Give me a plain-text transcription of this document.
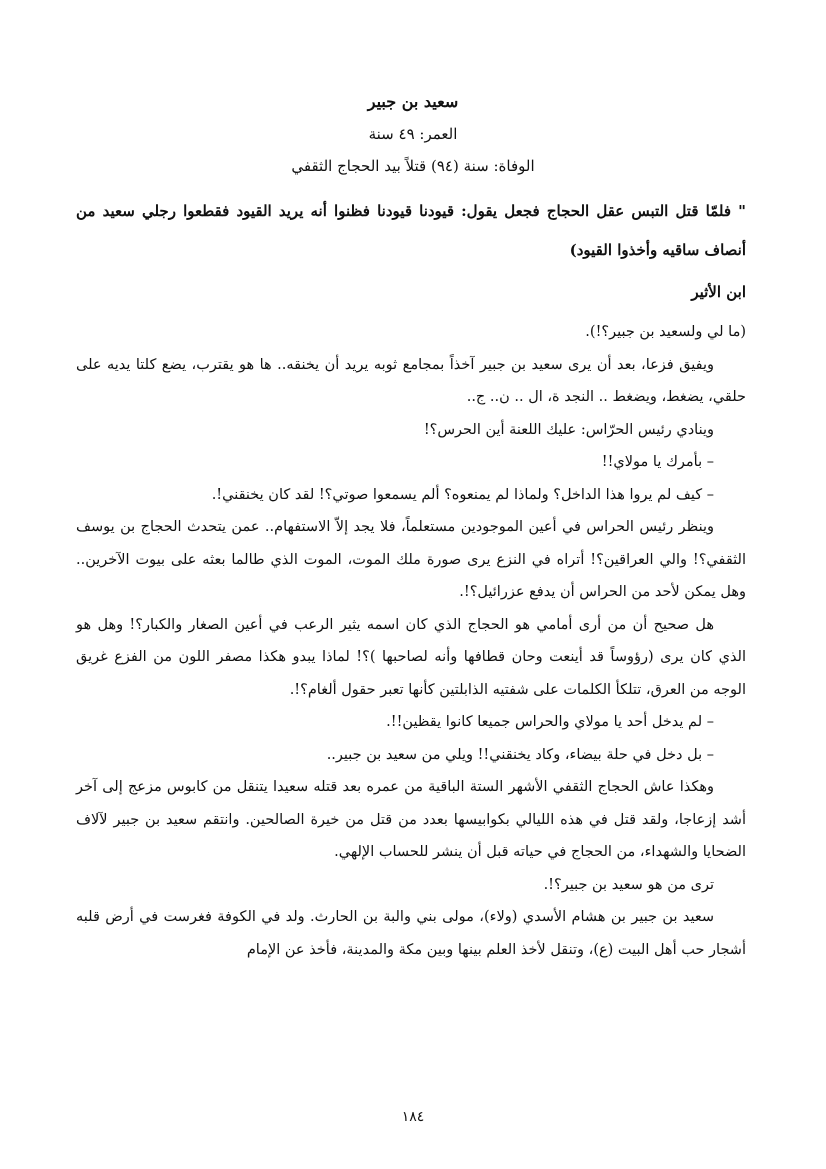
سعيد بن جبير
العمر: ٤٩ سنة
الوفاة: سنة (٩٤) قتلاً بيد الحجاج الثقفي
" فلمّا قتل التبس عقل الحجاج فجعل يقول: قيودنا قيودنا فظنوا أنه يريد القيود فقطعوا رجلي سعيد من أنصاف ساقيه وأخذوا القيود)
ابن الأثير

(ما لي ولسعيد بن جبير؟!).

ويفيق فزعا، بعد أن يرى سعيد بن جبير آخذاً بمجامع ثوبه يريد أن يخنقه.. ها هو يقترب، يضع كلتا يديه على حلقي، يضغط، ويضغط .. النجد ة، ال .. ن.. ج..

وينادي رئيس الحرّاس: عليك اللعنة أين الحرس؟!

– بأمرك يا مولاي!!

– كيف لم يروا هذا الداخل؟ ولماذا لم يمنعوه؟ ألم يسمعوا صوتي؟! لقد كان يخنقني!.

وينظر رئيس الحراس في أعين الموجودين مستعلماً، فلا يجد إلاّ الاستفهام.. عمن يتحدث الحجاج بن يوسف الثقفي؟! والي العراقين؟! أتراه في النزع يرى صورة ملك الموت، الموت الذي طالما بعثه على بيوت الآخرين.. وهل يمكن لأحد من الحراس أن يدفع عزرائيل؟!.

هل صحيح أن من أرى أمامي هو الحجاج الذي كان اسمه يثير الرعب في أعين الصغار والكبار؟! وهل هو الذي كان يرى (رؤوساً قد أينعت وحان قطافها وأنه لصاحبها )؟! لماذا يبدو هكذا مصفر اللون من الفزع غريق الوجه من العرق، تتلكأ الكلمات على شفتيه الذابلتين كأنها تعبر حقول ألغام؟!.

– لم يدخل أحد يا مولاي والحراس جميعا كانوا يقظين!!.

– بل دخل في حلة بيضاء، وكاد يخنقني!! ويلي من سعيد بن جبير..

وهكذا عاش الحجاج الثقفي الأشهر الستة الباقية من عمره بعد قتله سعيدا يتنقل من كابوس مزعج إلى آخر أشد إزعاجا، ولقد قتل في هذه الليالي بكوابيسها بعدد من قتل من خيرة الصالحين. وانتقم سعيد بن جبير لآلاف الضحايا والشهداء، من الحجاج في حياته قبل أن ينشر للحساب الإلهي.

ترى من هو سعيد بن جبير؟!.

سعيد بن جبير بن هشام الأسدي (ولاء)، مولى بني والبة بن الحارث. ولد في الكوفة فغرست في أرض قلبه أشجار حب أهل البيت (ع)، وتنقل لأخذ العلم بينها وبين مكة والمدينة، فأخذ عن الإمام

١٨٤
